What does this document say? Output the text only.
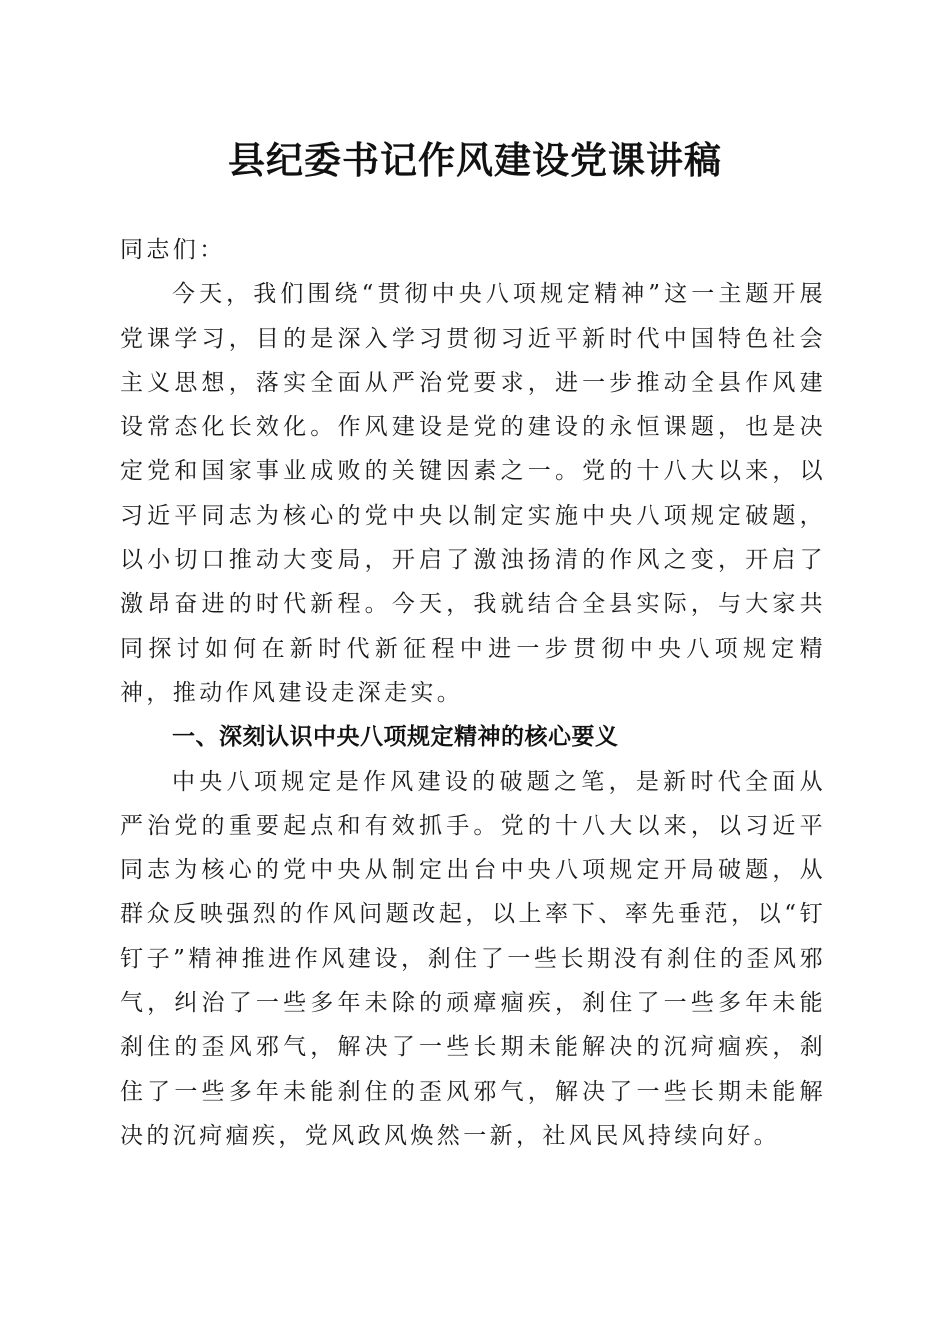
县纪委书记作风建设党课讲稿

同志们：

今天，我们围绕“贯彻中央八项规定精神”这一主题开展党课学习，目的是深入学习贯彻习近平新时代中国特色社会主义思想，落实全面从严治党要求，进一步推动全县作风建设常态化长效化。作风建设是党的建设的永恒课题，也是决定党和国家事业成败的关键因素之一。党的十八大以来，以习近平同志为核心的党中央以制定实施中央八项规定破题，以小切口推动大变局，开启了激浊扬清的作风之变，开启了激昂奋进的时代新程。今天，我就结合全县实际，与大家共同探讨如何在新时代新征程中进一步贯彻中央八项规定精神，推动作风建设走深走实。

一、深刻认识中央八项规定精神的核心要义

中央八项规定是作风建设的破题之笔，是新时代全面从严治党的重要起点和有效抓手。党的十八大以来，以习近平同志为核心的党中央从制定出台中央八项规定开局破题，从群众反映强烈的作风问题改起，以上率下、率先垂范，以“钉钉子”精神推进作风建设，刹住了一些长期没有刹住的歪风邪气，纠治了一些多年未除的顽瘴痼疾，刹住了一些多年未能刹住的歪风邪气，解决了一些长期未能解决的沉疴痼疾，刹住了一些多年未能刹住的歪风邪气，解决了一些长期未能解决的沉疴痼疾，党风政风焕然一新，社风民风持续向好。
